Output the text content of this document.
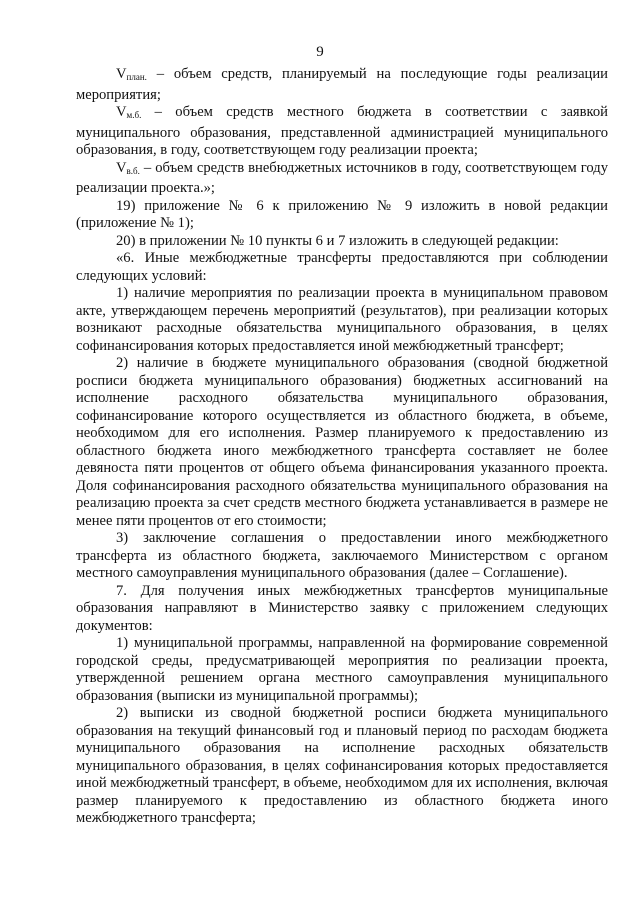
9

$V_{план.}$ – объем средств, планируемый на последующие годы реализации мероприятия;

$V_{м.б.}$ – объем средств местного бюджета в соответствии с заявкой муниципального образования, представленной администрацией муниципального образования, в году, соответствующем году реализации проекта;

$V_{в.б.}$ – объем средств внебюджетных источников в году, соответствующем году реализации проекта.»;

19) приложение № 6 к приложению № 9 изложить в новой редакции (приложение № 1);

20) в приложении № 10 пункты 6 и 7 изложить в следующей редакции:

«6. Иные межбюджетные трансферты предоставляются при соблюдении следующих условий:

1) наличие мероприятия по реализации проекта в муниципальном правовом акте, утверждающем перечень мероприятий (результатов), при реализации которых возникают расходные обязательства муниципального образования, в целях софинансирования которых предоставляется иной межбюджетный трансферт;

2) наличие в бюджете муниципального образования (сводной бюджетной росписи бюджета муниципального образования) бюджетных ассигнований на исполнение расходного обязательства муниципального образования, софинансирование которого осуществляется из областного бюджета, в объеме, необходимом для его исполнения. Размер планируемого к предоставлению из областного бюджета иного межбюджетного трансферта составляет не более девяноста пяти процентов от общего объема финансирования указанного проекта. Доля софинансирования расходного обязательства муниципального образования на реализацию проекта за счет средств местного бюджета устанавливается в размере не менее пяти процентов от его стоимости;

3) заключение соглашения о предоставлении иного межбюджетного трансферта из областного бюджета, заключаемого Министерством с органом местного самоуправления муниципального образования (далее – Соглашение).

7. Для получения иных межбюджетных трансфертов муниципальные образования направляют в Министерство заявку с приложением следующих документов:

1) муниципальной программы, направленной на формирование современной городской среды, предусматривающей мероприятия по реализации проекта, утвержденной решением органа местного самоуправления муниципального образования (выписки из муниципальной программы);

2) выписки из сводной бюджетной росписи бюджета муниципального образования на текущий финансовый год и плановый период по расходам бюджета муниципального образования на исполнение расходных обязательств муниципального образования, в целях софинансирования которых предоставляется иной межбюджетный трансферт, в объеме, необходимом для их исполнения, включая размер планируемого к предоставлению из областного бюджета иного межбюджетного трансферта;
